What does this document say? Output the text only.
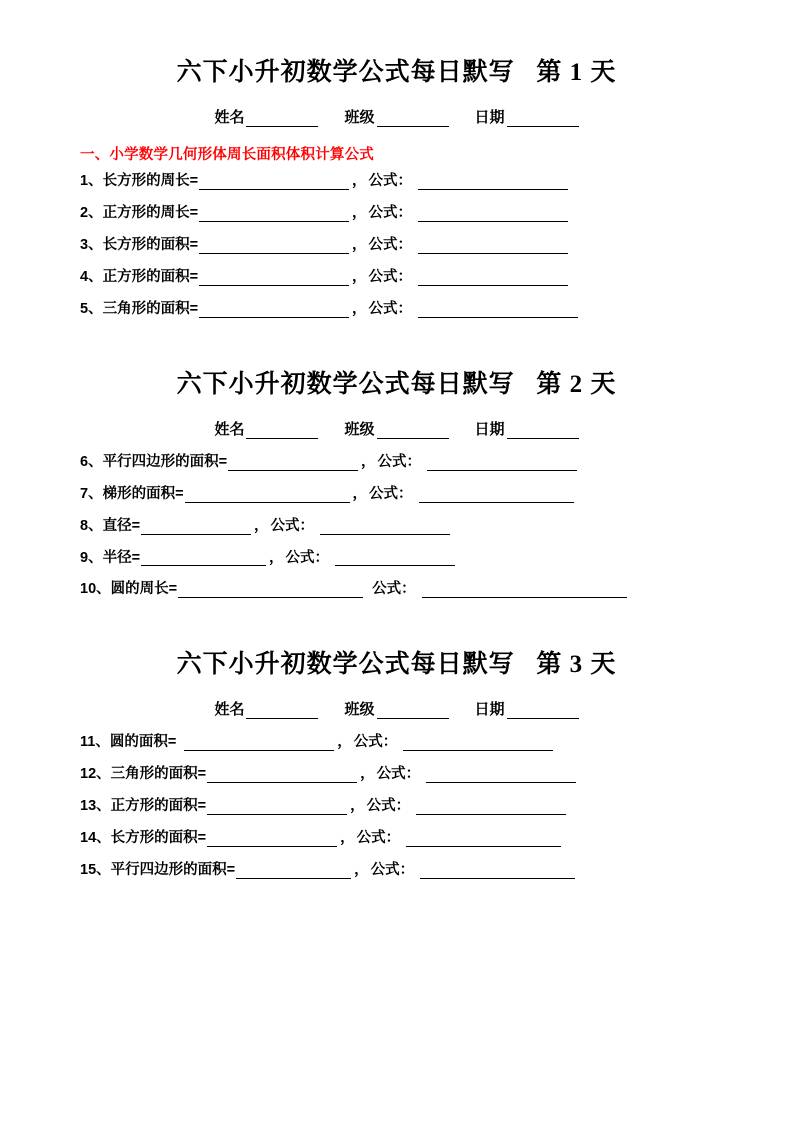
六下小升初数学公式每日默写   第 1 天
姓名	班级	日期
一、小学数学几何形体周长面积体积计算公式
1、长方形的周长=	， 公式：
2、正方形的周长=	， 公式：
3、长方形的面积=	， 公式：
4、正方形的面积=	， 公式：
5、三角形的面积=	， 公式：
六下小升初数学公式每日默写   第 2 天
姓名	班级	日期
6、平行四边形的面积=	， 公式：
7、梯形的面积=	， 公式：
8、直径=	， 公式：
9、半径=	， 公式：
10、圆的周长=	公式：
六下小升初数学公式每日默写   第 3 天
姓名	班级	日期
11、圆的面积=	， 公式：
12、三角形的面积=	， 公式：
13、正方形的面积=	， 公式：
14、长方形的面积=	， 公式：
15、平行四边形的面积=	， 公式：
